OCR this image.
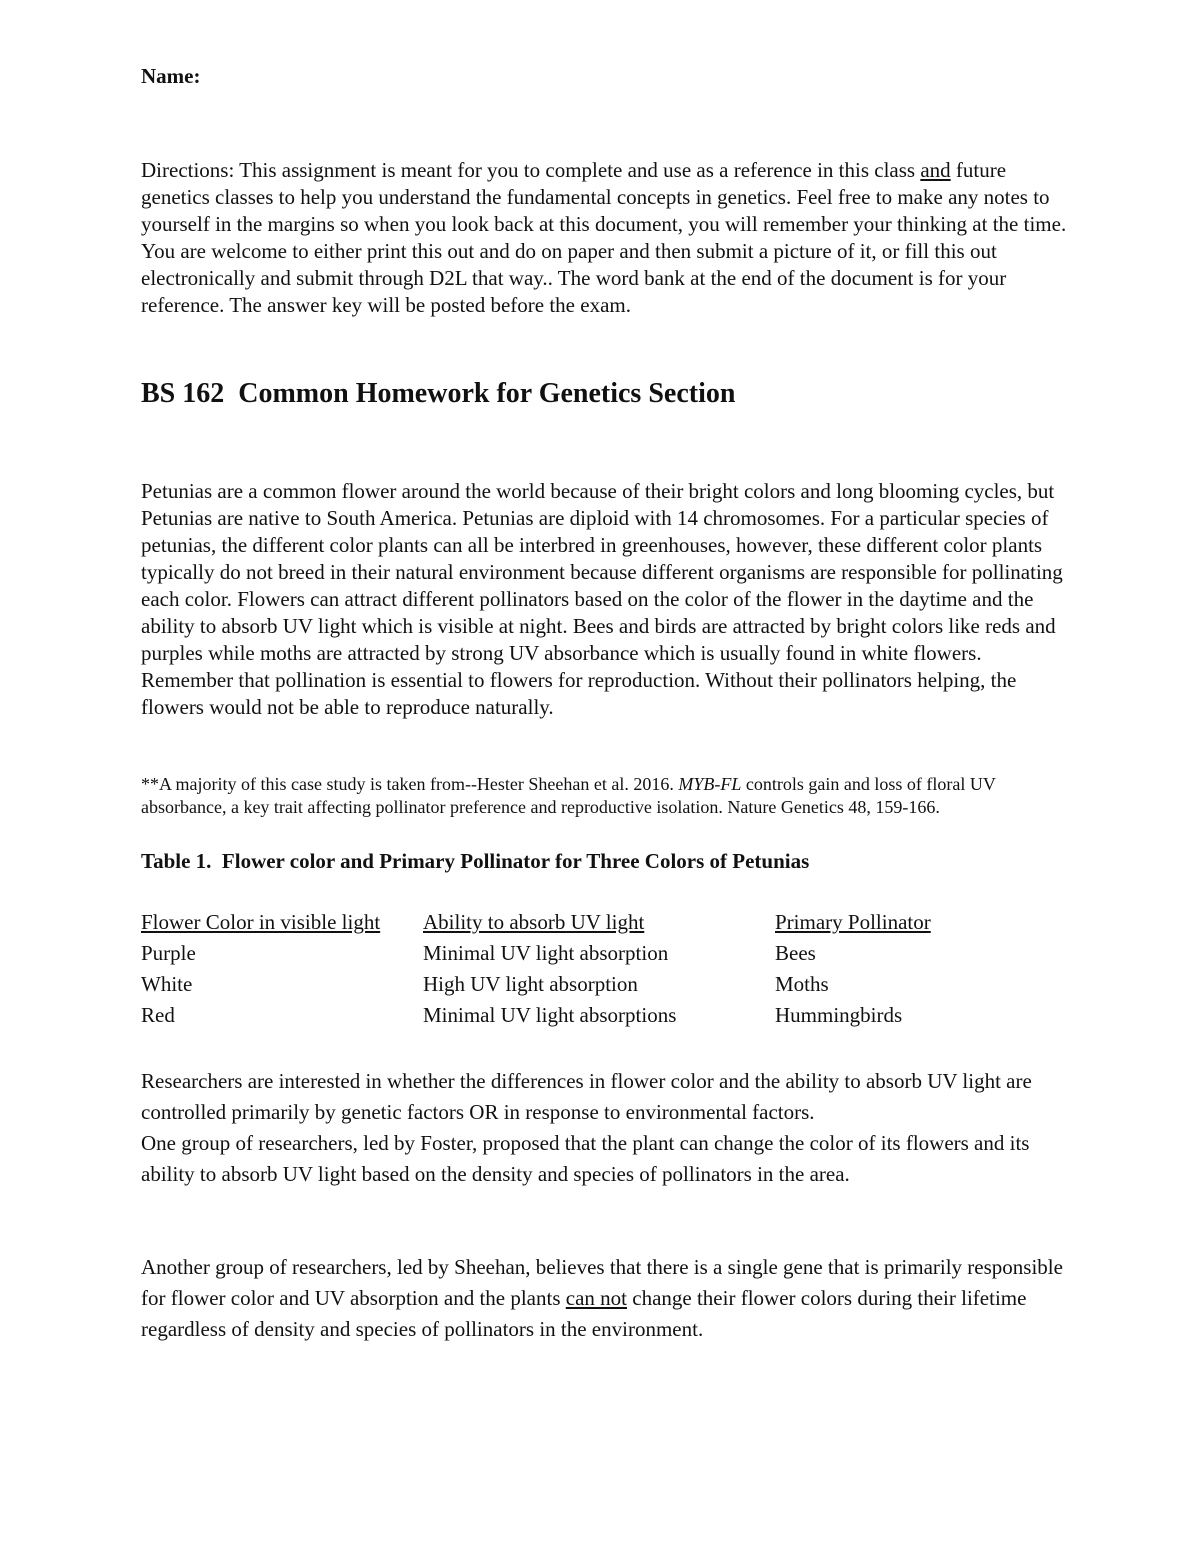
Name:

Directions: This assignment is meant for you to complete and use as a reference in this class and future genetics classes to help you understand the fundamental concepts in genetics. Feel free to make any notes to yourself in the margins so when you look back at this document, you will remember your thinking at the time. You are welcome to either print this out and do on paper and then submit a picture of it, or fill this out electronically and submit through D2L that way.. The word bank at the end of the document is for your reference. The answer key will be posted before the exam.

BS 162  Common Homework for Genetics Section

Petunias are a common flower around the world because of their bright colors and long blooming cycles, but Petunias are native to South America. Petunias are diploid with 14 chromosomes. For a particular species of petunias, the different color plants can all be interbred in greenhouses, however, these different color plants typically do not breed in their natural environment because different organisms are responsible for pollinating each color. Flowers can attract different pollinators based on the color of the flower in the daytime and the ability to absorb UV light which is visible at night. Bees and birds are attracted by bright colors like reds and purples while moths are attracted by strong UV absorbance which is usually found in white flowers. Remember that pollination is essential to flowers for reproduction. Without their pollinators helping, the flowers would not be able to reproduce naturally.

**A majority of this case study is taken from--Hester Sheehan et al. 2016. MYB-FL controls gain and loss of floral UV absorbance, a key trait affecting pollinator preference and reproductive isolation. Nature Genetics 48, 159-166.

Table 1.  Flower color and Primary Pollinator for Three Colors of Petunias

Flower Color in visible light	Ability to absorb UV light	Primary Pollinator
Purple	Minimal UV light absorption	Bees
White	High UV light absorption	Moths
Red	Minimal UV light absorptions	Hummingbirds
Researchers are interested in whether the differences in flower color and the ability to absorb UV light are controlled primarily by genetic factors OR in response to environmental factors.
One group of researchers, led by Foster, proposed that the plant can change the color of its flowers and its ability to absorb UV light based on the density and species of pollinators in the area.

Another group of researchers, led by Sheehan, believes that there is a single gene that is primarily responsible for flower color and UV absorption and the plants can not change their flower colors during their lifetime regardless of density and species of pollinators in the environment.
